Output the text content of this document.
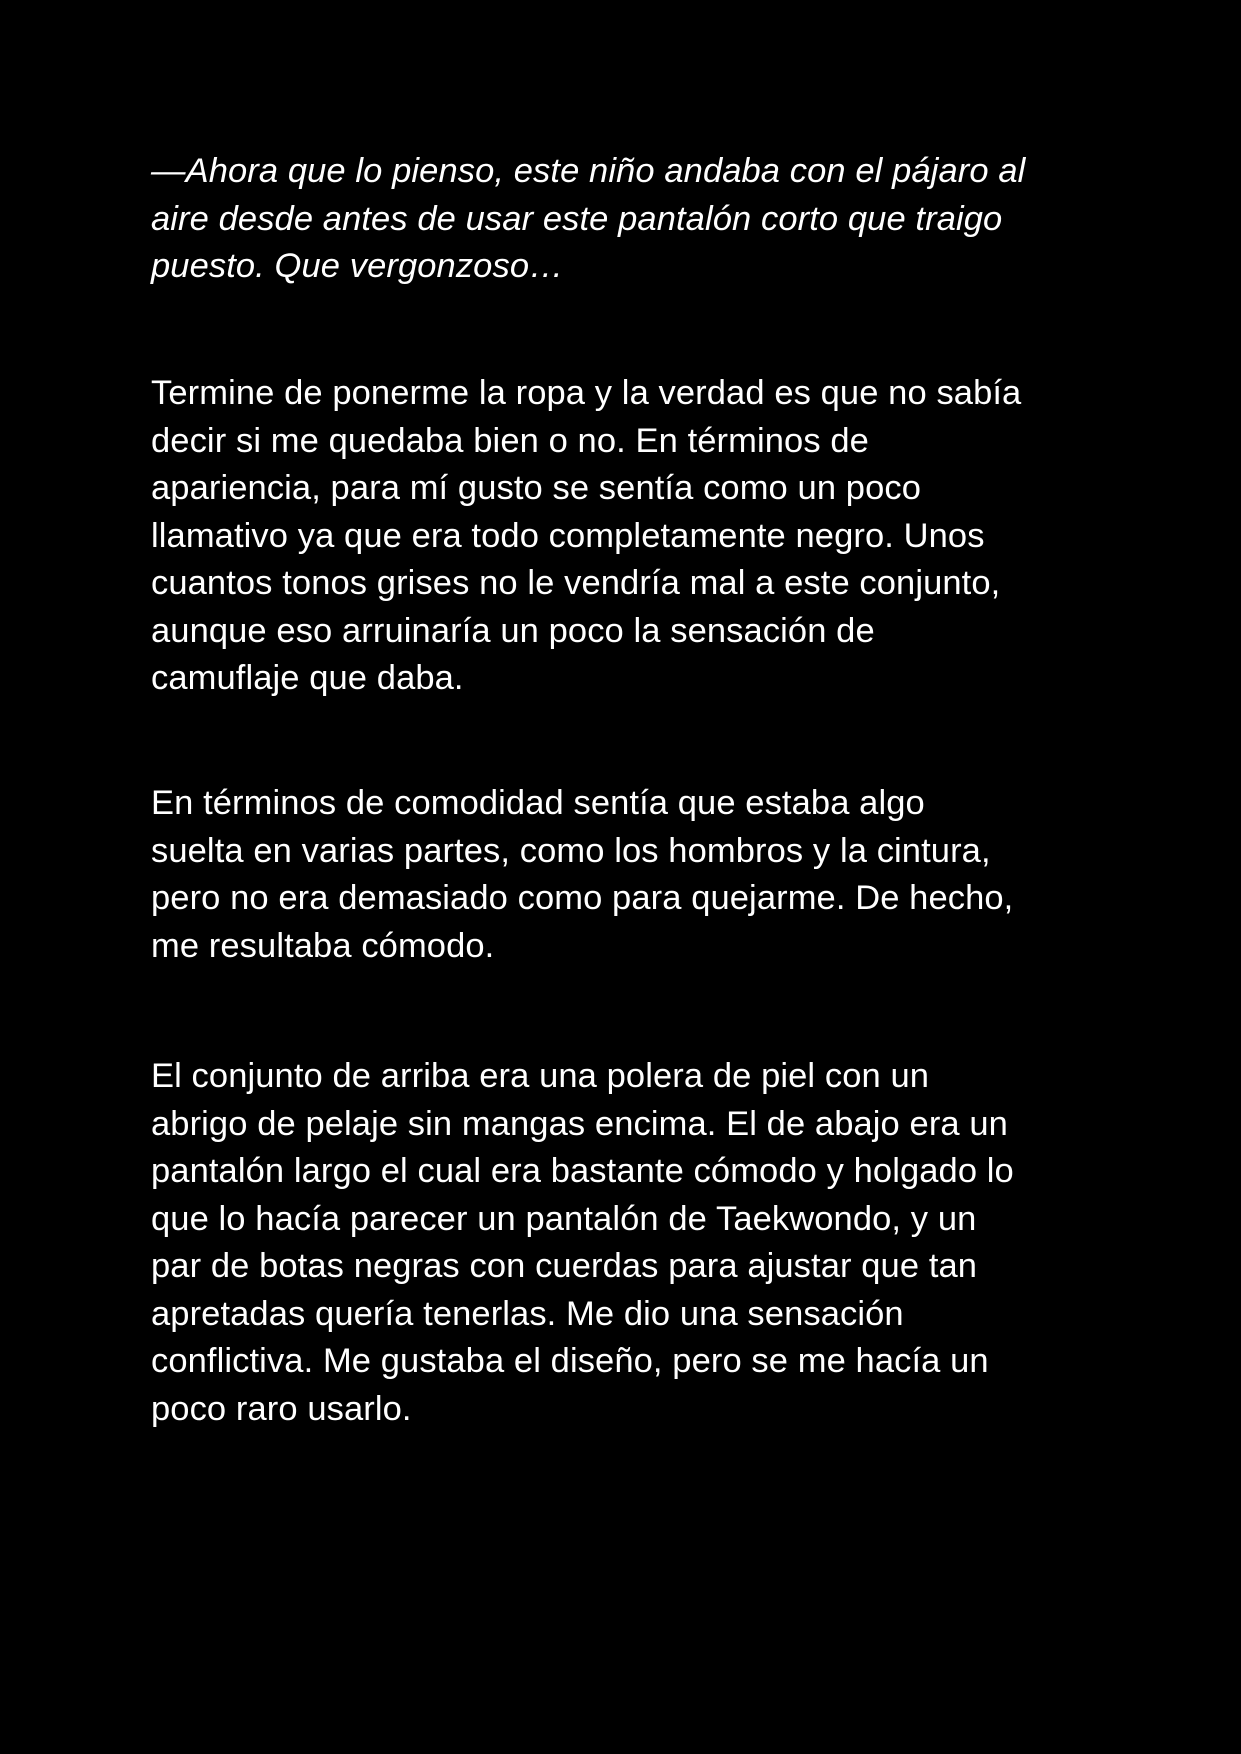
—Ahora que lo pienso, este niño andaba con el pájaro al
aire desde antes de usar este pantalón corto que traigo
puesto. Que vergonzoso…

Termine de ponerme la ropa y la verdad es que no sabía
decir si me quedaba bien o no. En términos de
apariencia, para mí gusto se sentía como un poco
llamativo ya que era todo completamente negro. Unos
cuantos tonos grises no le vendría mal a este conjunto,
aunque eso arruinaría un poco la sensación de
camuflaje que daba.

En términos de comodidad sentía que estaba algo
suelta en varias partes, como los hombros y la cintura,
pero no era demasiado como para quejarme. De hecho,
me resultaba cómodo.

El conjunto de arriba era una polera de piel con un
abrigo de pelaje sin mangas encima. El de abajo era un
pantalón largo el cual era bastante cómodo y holgado lo
que lo hacía parecer un pantalón de Taekwondo, y un
par de botas negras con cuerdas para ajustar que tan
apretadas quería tenerlas. Me dio una sensación
conflictiva. Me gustaba el diseño, pero se me hacía un
poco raro usarlo.
